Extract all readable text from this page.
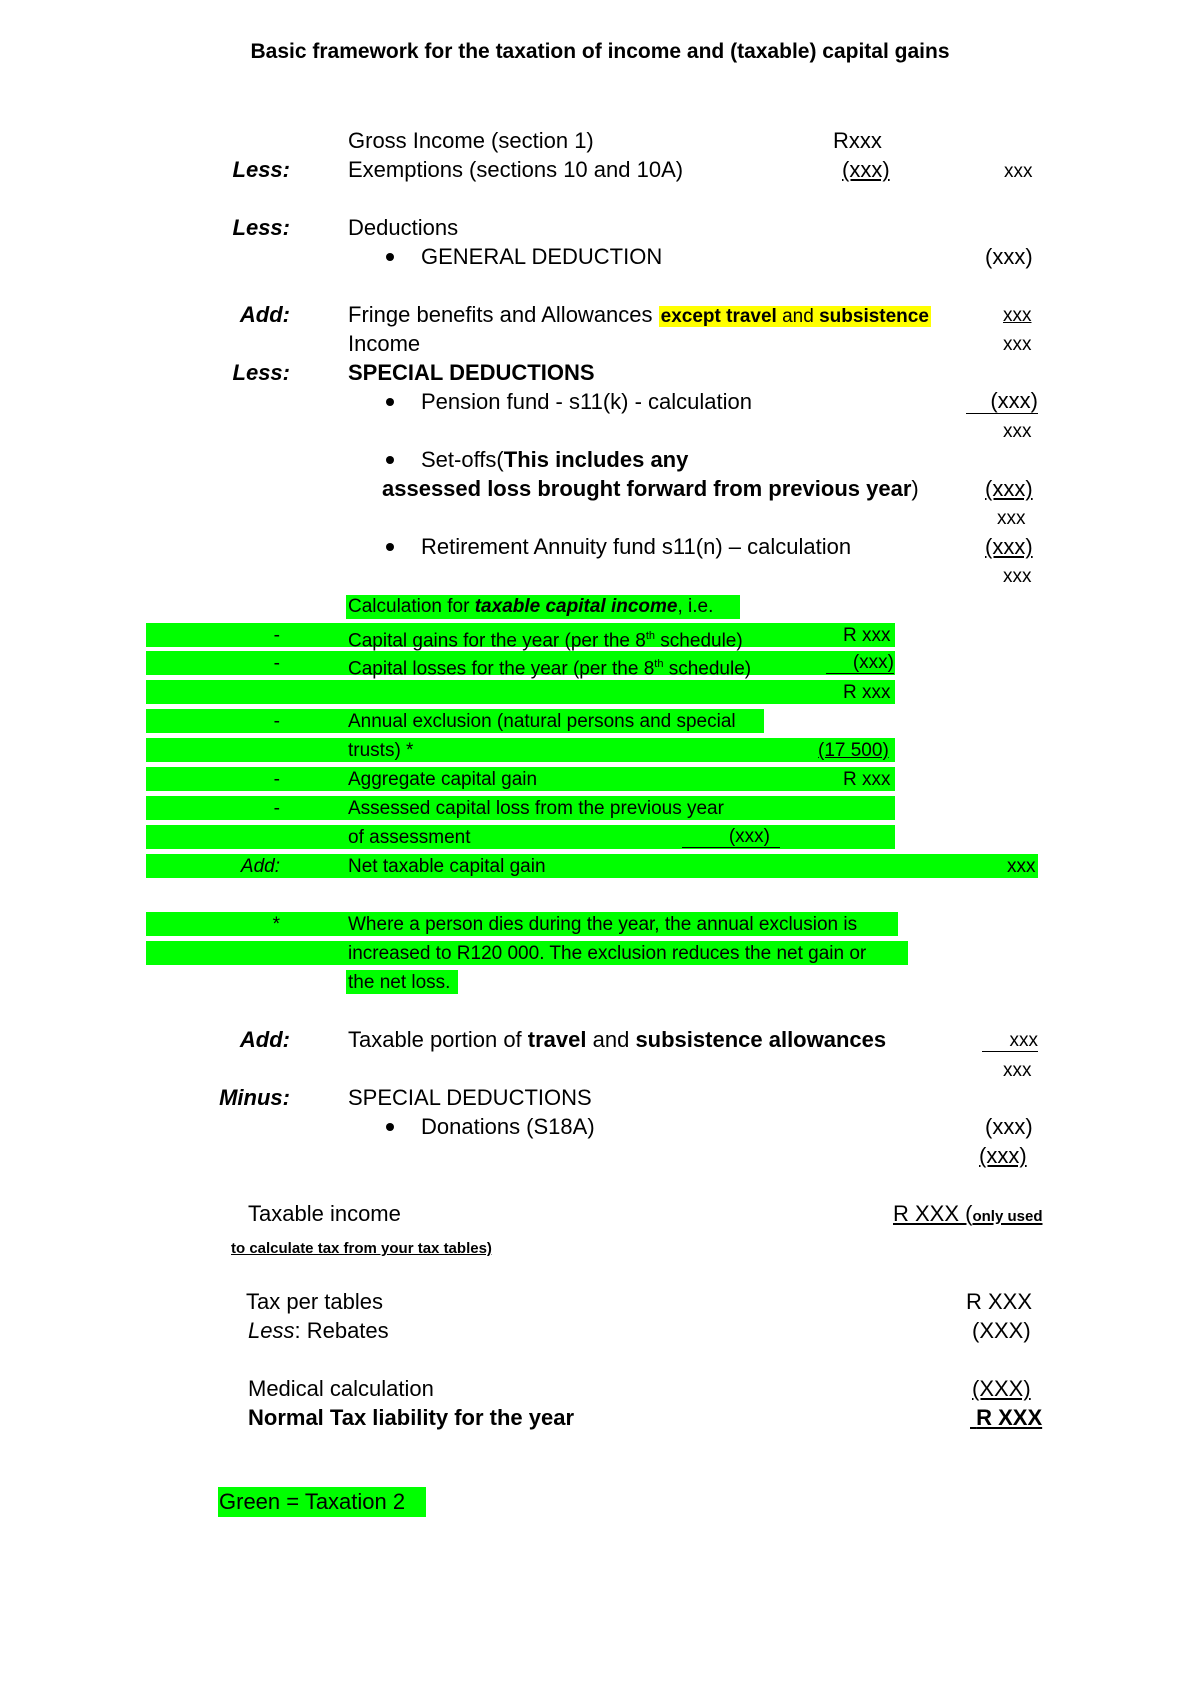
Basic framework for the taxation of income and (taxable) capital gains
Gross Income (section 1)	Rxxx
Less:	Exemptions (sections 10 and 10A)	(xxx)	xxx
Less:	Deductions
GENERAL DEDUCTION	(xxx)
Add:	Fringe benefits and Allowances except travel and subsistence	xxx
Income	xxx
Less:	SPECIAL DEDUCTIONS
Pension fund - s11(k) - calculation	(xxx)
xxx
Set-offs(This includes any
assessed loss brought forward from previous year)	(xxx)
xxx
Retirement Annuity fund s11(n) – calculation	(xxx)
xxx
Calculation for taxable capital income, i.e.
-	Capital gains for the year (per the 8th schedule)	R xxx
-	Capital losses for the year (per the 8th schedule)	(xxx)
R xxx
-	Annual exclusion (natural persons and special
trusts) *	(17 500)
-	Aggregate capital gain	R xxx
-	Assessed capital loss from the previous year
of assessment	(xxx)
Add:	Net taxable capital gain	xxx
*	Where a person dies during the year, the annual exclusion is
increased to R120 000. The exclusion reduces the net gain or
the net loss.
Add:	Taxable portion of travel and subsistence allowances	xxx
xxx
Minus:	SPECIAL DEDUCTIONS
Donations (S18A)	(xxx)
(xxx)
Taxable income	R XXX (only used
to calculate tax from your tax tables)
Tax per tables	R XXX
Less: Rebates	(XXX)
Medical calculation	(XXX)
Normal Tax liability for the year	R XXX
Green = Taxation 2
